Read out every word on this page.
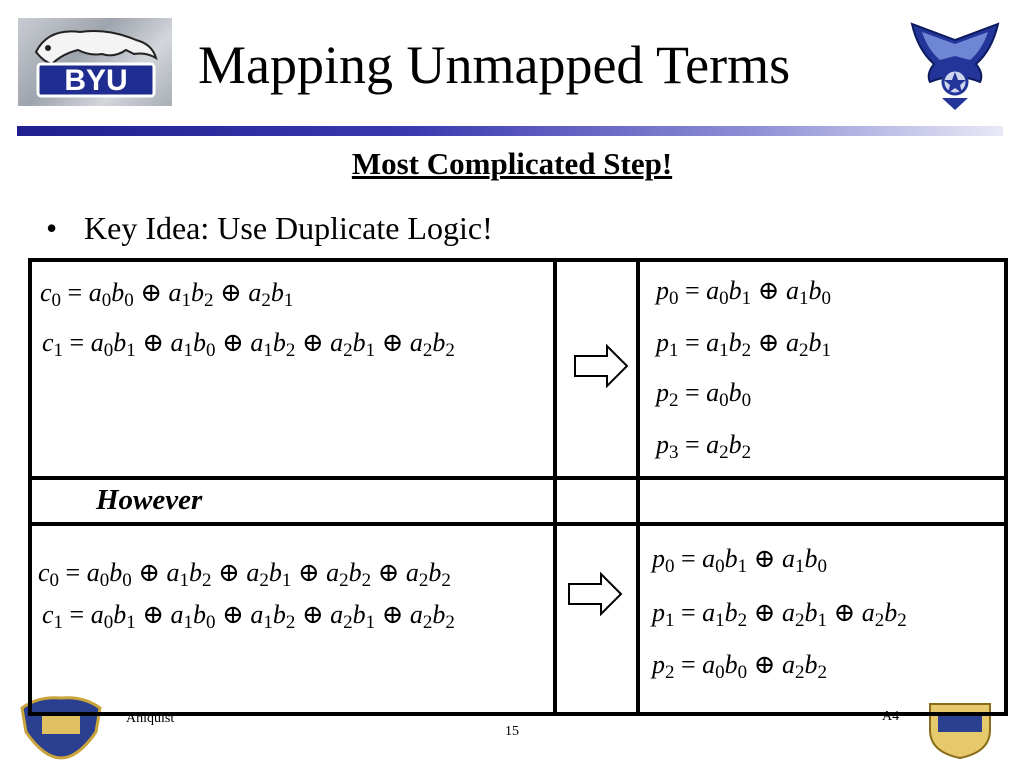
BYU Mapping Unmapped Terms
Most Complicated Step!
• Key Idea: Use Duplicate Logic!
$c_0 = a_0b_0$ ⊕ $a_1b_2$ ⊕ $a_2b_1$
$c_1 = a_0b_1$ ⊕ $a_1b_0$ ⊕ $a_1b_2$ ⊕ $a_2b_1$ ⊕ $a_2b_2$
$p_0 = a_0b_1$ ⊕ $a_1b_0$
$p_1 = a_1b_2$ ⊕ $a_2b_1$
$p_2 = a_0b_0$
$p_3 = a_2b_2$
However
$c_0 = a_0b_0$ ⊕ $a_1b_2$ ⊕ $a_2b_1$ ⊕ $a_2b_2$ ⊕ $a_2b_2$
$c_1 = a_0b_1$ ⊕ $a_1b_0$ ⊕ $a_1b_2$ ⊕ $a_2b_1$ ⊕ $a_2b_2$
$p_0 = a_0b_1$ ⊕ $a_1b_0$
$p_1 = a_1b_2$ ⊕ $a_2b_1$ ⊕ $a_2b_2$
$p_2 = a_0b_0$ ⊕ $a_2b_2$
Ahlquist	A4
15
